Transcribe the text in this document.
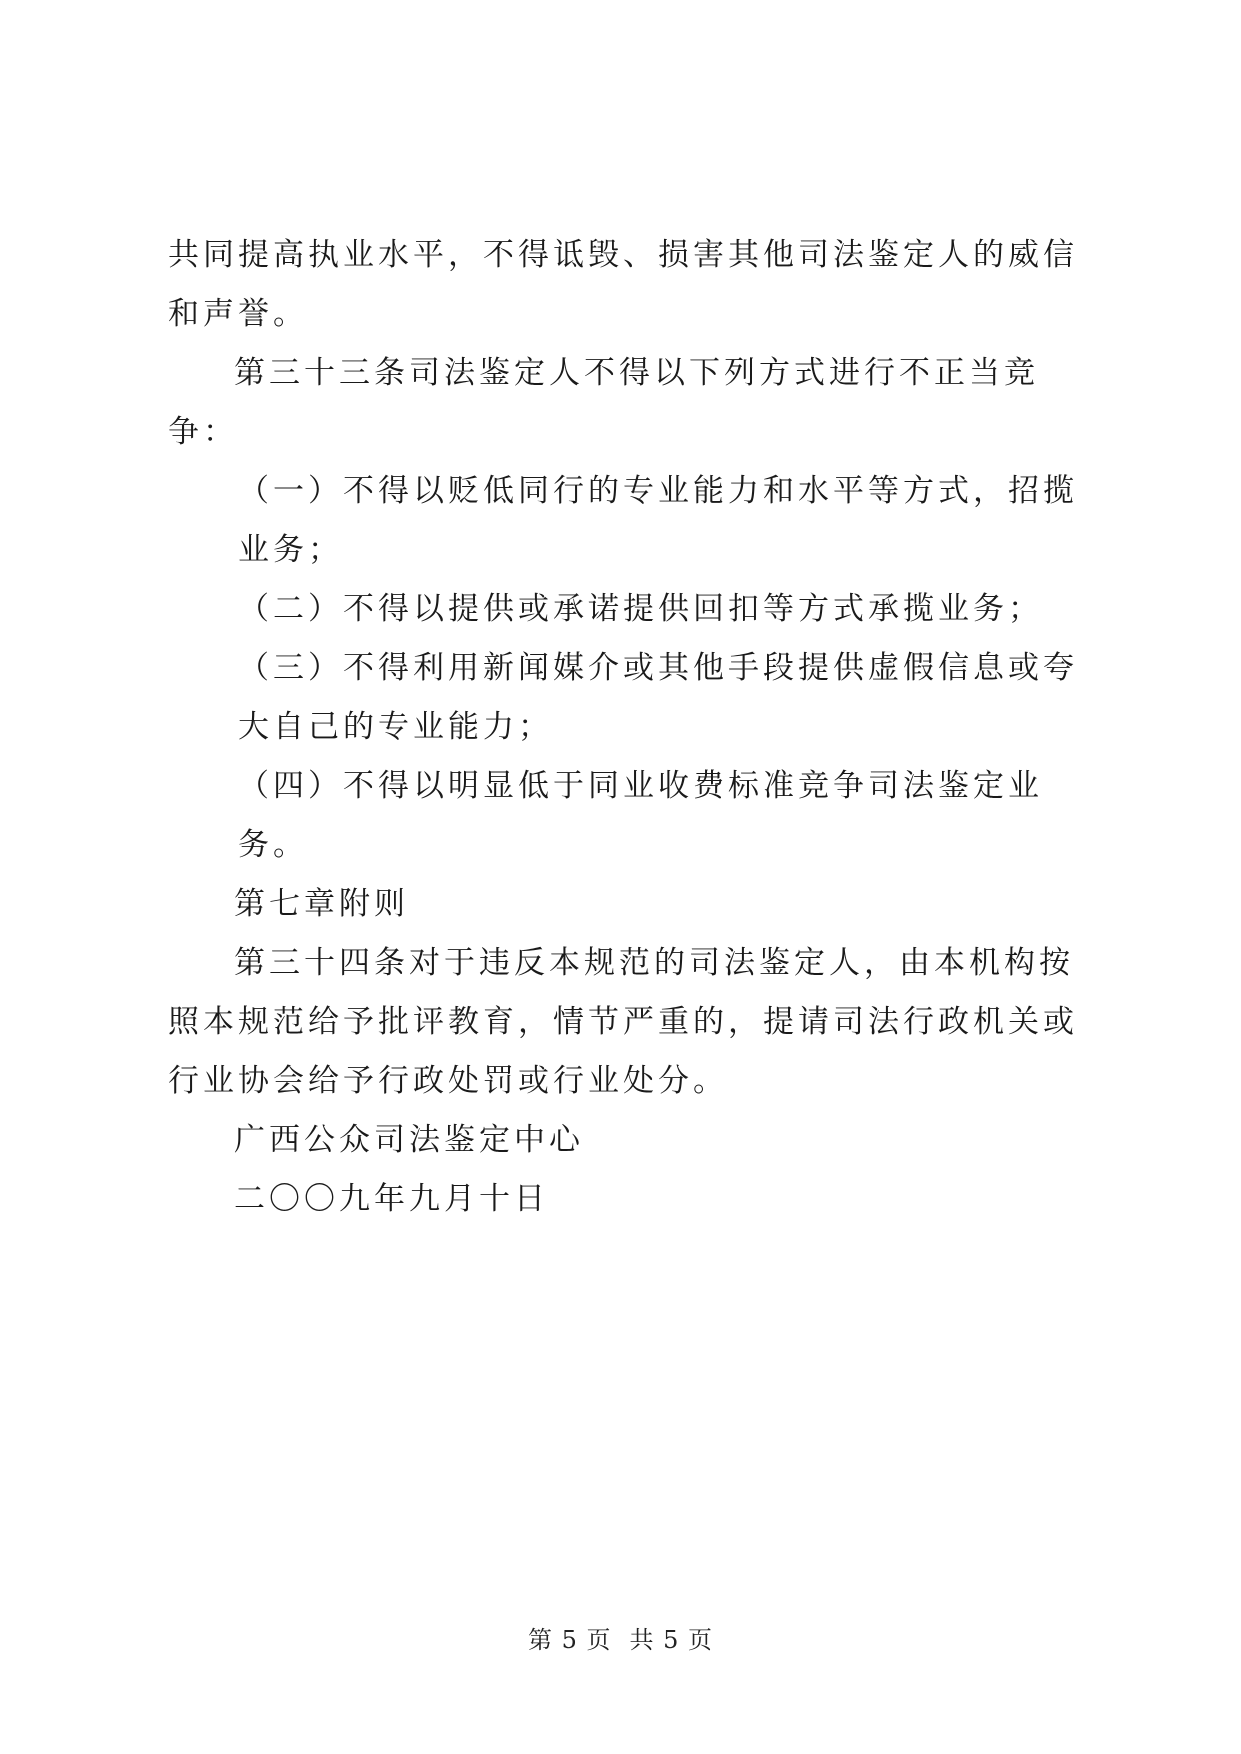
共同提高执业水平，不得诋毁、损害其他司法鉴定人的威信和声誉。

第三十三条司法鉴定人不得以下列方式进行不正当竞争：

（一）不得以贬低同行的专业能力和水平等方式，招揽业务；

（二）不得以提供或承诺提供回扣等方式承揽业务；

（三）不得利用新闻媒介或其他手段提供虚假信息或夸大自己的专业能力；

（四）不得以明显低于同业收费标准竞争司法鉴定业务。

第七章附则

第三十四条对于违反本规范的司法鉴定人，由本机构按照本规范给予批评教育，情节严重的，提请司法行政机关或行业协会给予行政处罚或行业处分。

广西公众司法鉴定中心

二〇〇九年九月十日

第 5 页 共 5 页
